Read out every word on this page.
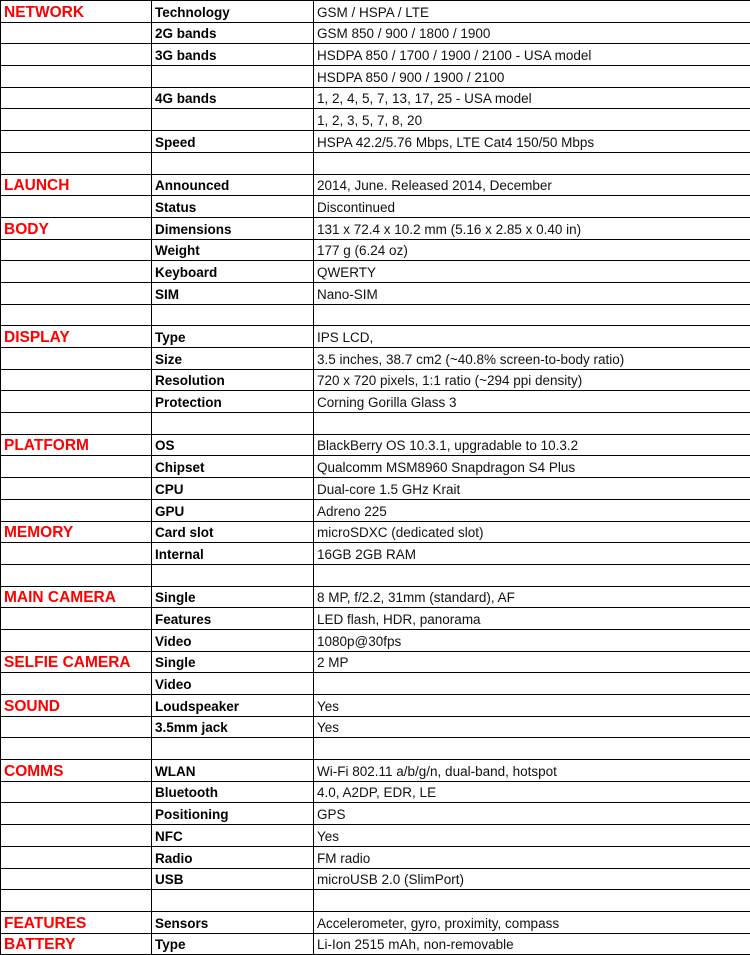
NETWORK	Technology	GSM / HSPA / LTE
	2G bands	GSM 850 / 900 / 1800 / 1900
	3G bands	HSDPA 850 / 1700 / 1900 / 2100 - USA model
		HSDPA 850 / 900 / 1900 / 2100
	4G bands	1, 2, 4, 5, 7, 13, 17, 25 - USA model
		1, 2, 3, 5, 7, 8, 20
	Speed	HSPA 42.2/5.76 Mbps, LTE Cat4 150/50 Mbps

LAUNCH	Announced	2014, June. Released 2014, December
	Status	Discontinued
BODY	Dimensions	131 x 72.4 x 10.2 mm (5.16 x 2.85 x 0.40 in)
	Weight	177 g (6.24 oz)
	Keyboard	QWERTY
	SIM	Nano-SIM

DISPLAY	Type	IPS LCD,
	Size	3.5 inches, 38.7 cm2 (~40.8% screen-to-body ratio)
	Resolution	720 x 720 pixels, 1:1 ratio (~294 ppi density)
	Protection	Corning Gorilla Glass 3

PLATFORM	OS	BlackBerry OS 10.3.1, upgradable to 10.3.2
	Chipset	Qualcomm MSM8960 Snapdragon S4 Plus
	CPU	Dual-core 1.5 GHz Krait
	GPU	Adreno 225
MEMORY	Card slot	microSDXC (dedicated slot)
	Internal	16GB 2GB RAM

MAIN CAMERA	Single	8 MP, f/2.2, 31mm (standard), AF
	Features	LED flash, HDR, panorama
	Video	1080p@30fps
SELFIE CAMERA	Single	2 MP
	Video	
SOUND	Loudspeaker	Yes
	3.5mm jack	Yes

COMMS	WLAN	Wi-Fi 802.11 a/b/g/n, dual-band, hotspot
	Bluetooth	4.0, A2DP, EDR, LE
	Positioning	GPS
	NFC	Yes
	Radio	FM radio
	USB	microUSB 2.0 (SlimPort)

FEATURES	Sensors	Accelerometer, gyro, proximity, compass
BATTERY	Type	Li-Ion 2515 mAh, non-removable
